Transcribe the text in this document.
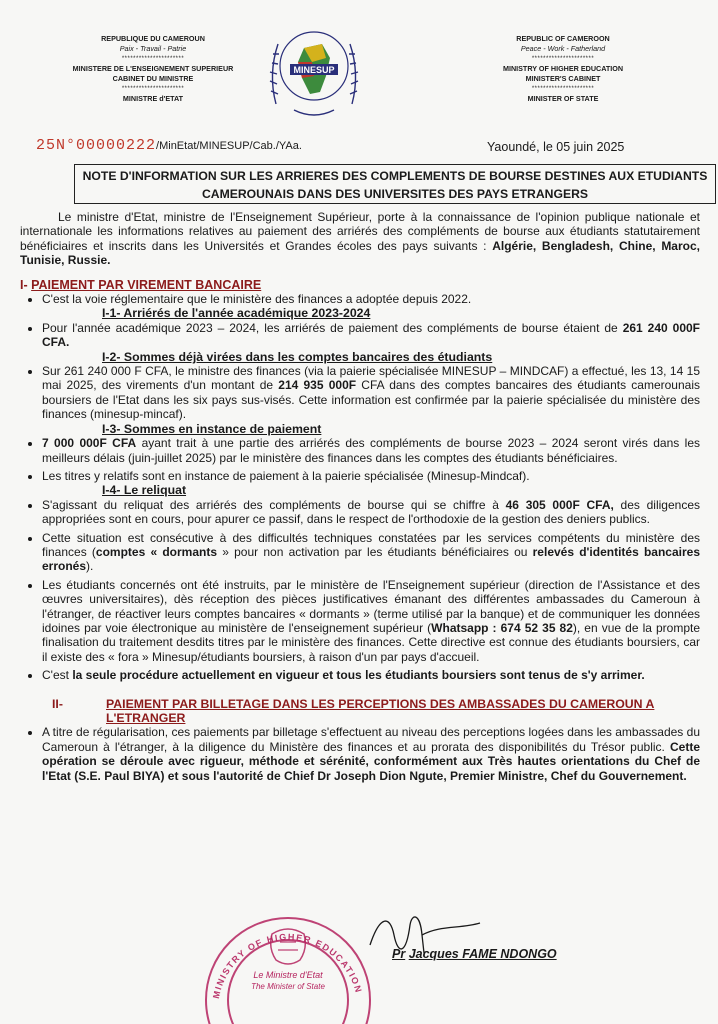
REPUBLIQUE DU CAMEROUN
Paix - Travail - Patrie
**********************
MINISTERE DE L'ENSEIGNEMENT SUPERIEUR
CABINET DU MINISTRE
**********************
MINISTRE d'ETAT
MINESUP
REPUBLIC OF CAMEROON
Peace - Work - Fatherland
**********************
MINISTRY OF HIGHER EDUCATION
MINISTER'S CABINET
**********************
MINISTER OF STATE
25N°00000222/MinEtat/MINESUP/Cab./YAa.	Yaoundé, le 05 juin 2025
NOTE D'INFORMATION SUR LES ARRIERES DES COMPLEMENTS DE BOURSE DESTINES AUX ETUDIANTS CAMEROUNAIS DANS DES UNIVERSITES DES PAYS ETRANGERS

Le ministre d'Etat, ministre de l'Enseignement Supérieur, porte à la connaissance de l'opinion publique nationale et internationale les informations relatives au paiement des arriérés des compléments de bourse aux étudiants statutairement bénéficiaires et inscrits dans les Universités et Grandes écoles des pays suivants : Algérie, Bengladesh, Chine, Maroc, Tunisie, Russie.

I- PAIEMENT PAR VIREMENT BANCAIRE
• C'est la voie réglementaire que le ministère des finances a adoptée depuis 2022.
I-1- Arriérés de l'année académique 2023-2024
• Pour l'année académique 2023 – 2024, les arriérés de paiement des compléments de bourse étaient de 261 240 000F CFA.
I-2- Sommes déjà virées dans les comptes bancaires des étudiants
• Sur 261 240 000 F CFA, le ministre des finances (via la paierie spécialisée MINESUP – MINDCAF) a effectué, les 13, 14 15 mai 2025, des virements d'un montant de 214 935 000F CFA dans des comptes bancaires des étudiants camerounais boursiers de l'Etat dans les six pays sus-visés. Cette information est confirmée par la paierie spécialisée du ministère des finances (minesup-mincaf).
I-3- Sommes en instance de paiement
• 7 000 000F CFA ayant trait à une partie des arriérés des compléments de bourse 2023 – 2024 seront virés dans les meilleurs délais (juin-juillet 2025) par le ministère des finances dans les comptes des étudiants bénéficiaires.
• Les titres y relatifs sont en instance de paiement à la paierie spécialisée (Minesup-Mindcaf).
I-4- Le reliquat
• S'agissant du reliquat des arriérés des compléments de bourse qui se chiffre à 46 305 000F CFA, des diligences appropriées sont en cours, pour apurer ce passif, dans le respect de l'orthodoxie de la gestion des deniers publics.
• Cette situation est consécutive à des difficultés techniques constatées par les services compétents du ministère des finances (comptes « dormants » pour non activation par les étudiants bénéficiaires ou relevés d'identités bancaires erronés).
• Les étudiants concernés ont été instruits, par le ministère de l'Enseignement supérieur (direction de l'Assistance et des œuvres universitaires), dès réception des pièces justificatives émanant des différentes ambassades du Cameroun à l'étranger, de réactiver leurs comptes bancaires « dormants » (terme utilisé par la banque) et de communiquer les données idoines par voie électronique au ministère de l'enseignement supérieur (Whatsapp : 674 52 35 82), en vue de la prompte finalisation du traitement desdits titres par le ministère des finances. Cette directive est connue des étudiants boursiers, car il existe des « fora » Minesup/étudiants boursiers, à raison d'un par pays d'accueil.
• C'est la seule procédure actuellement en vigueur et tous les étudiants boursiers sont tenus de s'y arrimer.
II-	PAIEMENT PAR BILLETAGE DANS LES PERCEPTIONS DES AMBASSADES DU CAMEROUN A L'ETRANGER
• A titre de régularisation, ces paiements par billetage s'effectuent au niveau des perceptions logées dans les ambassades du Cameroun à l'étranger, à la diligence du Ministère des finances et au prorata des disponibilités du Trésor public. Cette opération se déroule avec rigueur, méthode et sérénité, conformément aux Très hautes orientations du Chef de l'Etat (S.E. Paul BIYA) et sous l'autorité de Chief Dr Joseph Dion Ngute, Premier Ministre, Chef du Gouvernement.
MINISTRY OF HIGHER EDUCATION
Le Ministre d'Etat
The Minister of State
Pr Jacques FAME NDONGO
